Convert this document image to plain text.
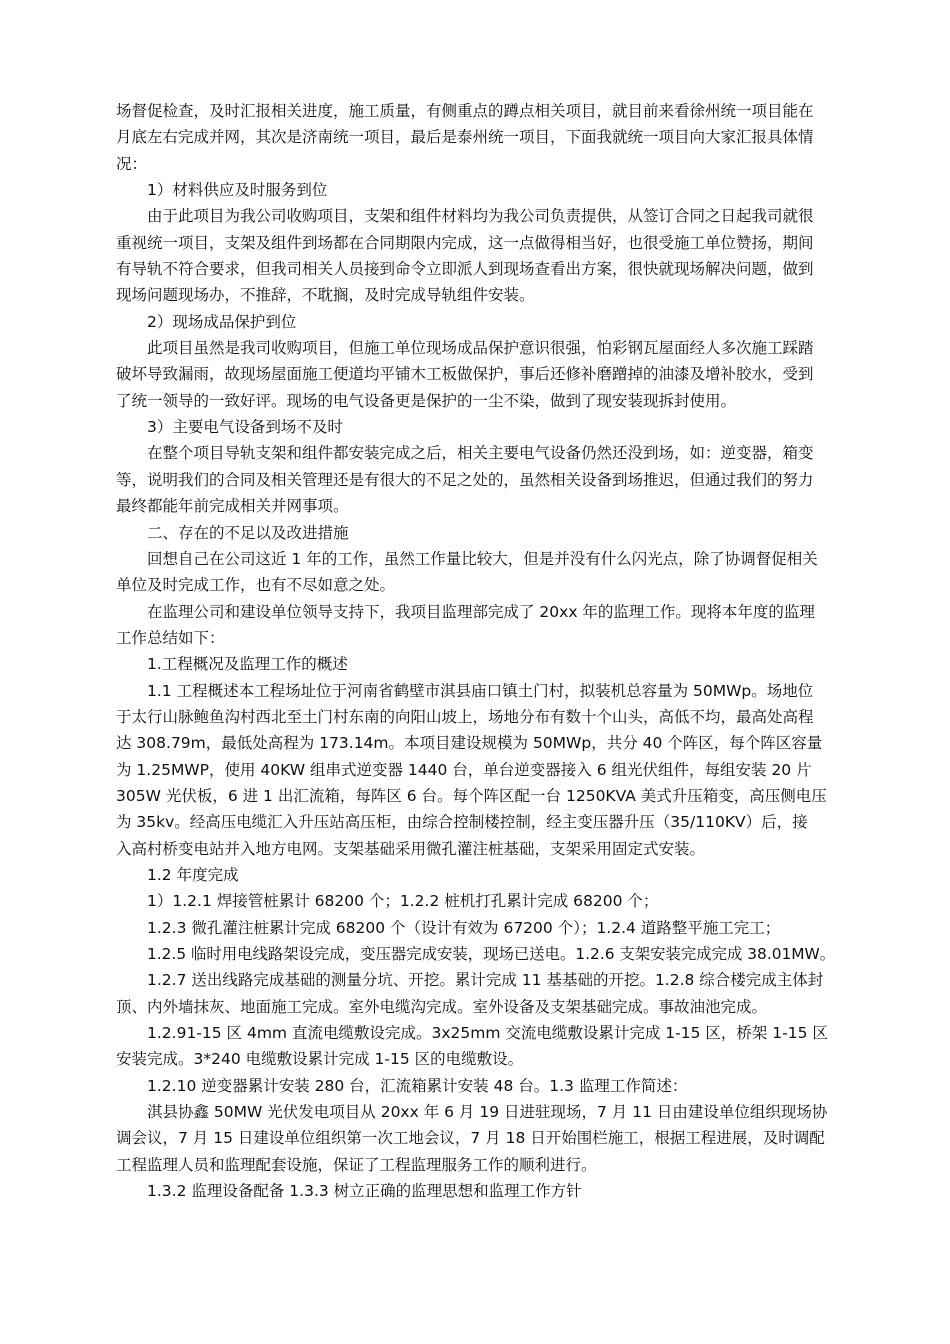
场督促检查，及时汇报相关进度，施工质量，有侧重点的蹲点相关项目，就目前来看徐州统一项目能在
月底左右完成并网，其次是济南统一项目，最后是泰州统一项目，下面我就统一项目向大家汇报具体情
况：
1）材料供应及时服务到位
由于此项目为我公司收购项目，支架和组件材料均为我公司负责提供，从签订合同之日起我司就很
重视统一项目，支架及组件到场都在合同期限内完成，这一点做得相当好，也很受施工单位赞扬，期间
有导轨不符合要求，但我司相关人员接到命令立即派人到现场查看出方案，很快就现场解决问题，做到
现场问题现场办，不推辞，不耽搁，及时完成导轨组件安装。
2）现场成品保护到位
此项目虽然是我司收购项目，但施工单位现场成品保护意识很强，怕彩钢瓦屋面经人多次施工踩踏
破坏导致漏雨，故现场屋面施工便道均平铺木工板做保护，事后还修补磨蹭掉的油漆及增补胶水，受到
了统一领导的一致好评。现场的电气设备更是保护的一尘不染，做到了现安装现拆封使用。
3）主要电气设备到场不及时
在整个项目导轨支架和组件都安装完成之后，相关主要电气设备仍然还没到场，如：逆变器，箱变
等，说明我们的合同及相关管理还是有很大的不足之处的，虽然相关设备到场推迟，但通过我们的努力
最终都能年前完成相关并网事项。
二、存在的不足以及改进措施
回想自己在公司这近 1 年的工作，虽然工作量比较大，但是并没有什么闪光点，除了协调督促相关
单位及时完成工作，也有不尽如意之处。
在监理公司和建设单位领导支持下，我项目监理部完成了 20xx 年的监理工作。现将本年度的监理
工作总结如下：
1.工程概况及监理工作的概述
1.1 工程概述本工程场址位于河南省鹤壁市淇县庙口镇土门村，拟装机总容量为 50MWp。场地位
于太行山脉鲍鱼沟村西北至土门村东南的向阳山坡上，场地分布有数十个山头，高低不均，最高处高程
达 308.79m，最低处高程为 173.14m。本项目建设规模为 50MWp，共分 40 个阵区，每个阵区容量
为 1.25MWP，使用 40KW 组串式逆变器 1440 台，单台逆变器接入 6 组光伏组件，每组安装 20 片
305W 光伏板，6 进 1 出汇流箱，每阵区 6 台。每个阵区配一台 1250KVA 美式升压箱变，高压侧电压
为 35kv。经高压电缆汇入升压站高压柜，由综合控制楼控制，经主变压器升压（35/110KV）后，接
入高村桥变电站并入地方电网。支架基础采用微孔灌注桩基础，支架采用固定式安装。
1.2 年度完成
1）1.2.1 焊接管桩累计 68200 个；1.2.2 桩机打孔累计完成 68200 个；
1.2.3 微孔灌注桩累计完成 68200 个（设计有效为 67200 个）；1.2.4 道路整平施工完工；
1.2.5 临时用电线路架设完成，变压器完成安装，现场已送电。1.2.6 支架安装完成完成 38.01MW。
1.2.7 送出线路完成基础的测量分坑、开挖。累计完成 11 基基础的开挖。1.2.8 综合楼完成主体封
顶、内外墙抹灰、地面施工完成。室外电缆沟完成。室外设备及支架基础完成。事故油池完成。
1.2.91-15 区 4mm 直流电缆敷设完成。3x25mm 交流电缆敷设累计完成 1-15 区，桥架 1-15 区
安装完成。3*240 电缆敷设累计完成 1-15 区的电缆敷设。
1.2.10 逆变器累计安装 280 台，汇流箱累计安装 48 台。1.3 监理工作简述：
淇县协鑫 50MW 光伏发电项目从 20xx 年 6 月 19 日进驻现场，7 月 11 日由建设单位组织现场协
调会议，7 月 15 日建设单位组织第一次工地会议，7 月 18 日开始围栏施工，根据工程进展，及时调配
工程监理人员和监理配套设施，保证了工程监理服务工作的顺利进行。
1.3.2 监理设备配备 1.3.3 树立正确的监理思想和监理工作方针
